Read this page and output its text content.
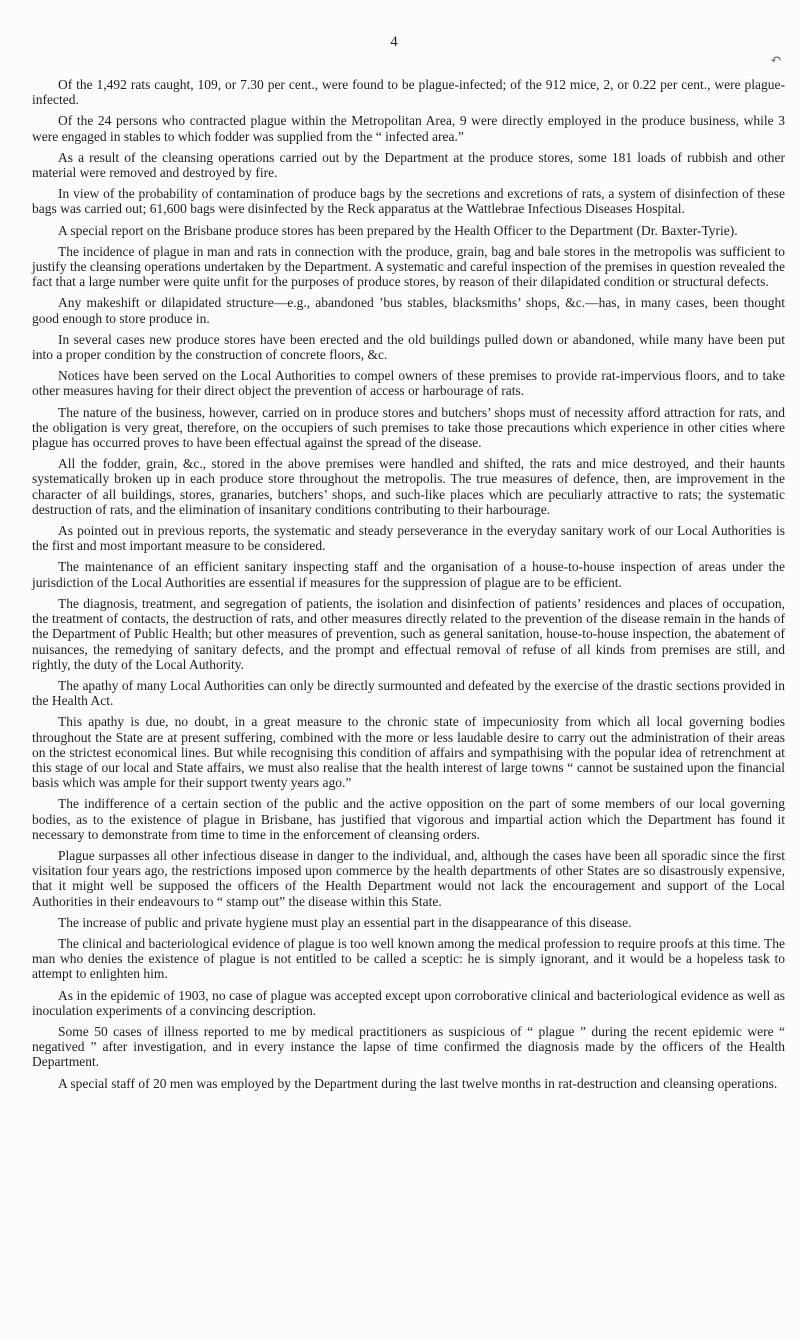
4
↶

Of the 1,492 rats caught, 109, or 7.30 per cent., were found to be plague-infected; of the 912 mice, 2, or 0.22 per cent., were plague-infected.

Of the 24 persons who contracted plague within the Metropolitan Area, 9 were directly employed in the produce business, while 3 were engaged in stables to which fodder was supplied from the “ infected area.”

As a result of the cleansing operations carried out by the Department at the produce stores, some 181 loads of rubbish and other material were removed and destroyed by fire.

In view of the probability of contamination of produce bags by the secretions and excretions of rats, a system of disinfection of these bags was carried out; 61,600 bags were disinfected by the Reck apparatus at the Wattlebrae Infectious Diseases Hospital.

A special report on the Brisbane produce stores has been prepared by the Health Officer to the Department (Dr. Baxter-Tyrie).

The incidence of plague in man and rats in connection with the produce, grain, bag and bale stores in the metropolis was sufficient to justify the cleansing operations undertaken by the Department. A systematic and careful inspection of the premises in question revealed the fact that a large number were quite unfit for the purposes of produce stores, by reason of their dilapidated condition or structural defects.

Any makeshift or dilapidated structure—e.g., abandoned ’bus stables, blacksmiths’ shops, &c.—has, in many cases, been thought good enough to store produce in.

In several cases new produce stores have been erected and the old buildings pulled down or abandoned, while many have been put into a proper condition by the construction of concrete floors, &c.

Notices have been served on the Local Authorities to compel owners of these premises to provide rat-impervious floors, and to take other measures having for their direct object the prevention of access or harbourage of rats.

The nature of the business, however, carried on in produce stores and butchers’ shops must of necessity afford attraction for rats, and the obligation is very great, therefore, on the occupiers of such premises to take those precautions which experience in other cities where plague has occurred proves to have been effectual against the spread of the disease.

All the fodder, grain, &c., stored in the above premises were handled and shifted, the rats and mice destroyed, and their haunts systematically broken up in each produce store throughout the metropolis. The true measures of defence, then, are improvement in the character of all buildings, stores, granaries, butchers’ shops, and such-like places which are peculiarly attractive to rats; the systematic destruction of rats, and the elimination of insanitary conditions contributing to their harbourage.

As pointed out in previous reports, the systematic and steady perseverance in the everyday sanitary work of our Local Authorities is the first and most important measure to be considered.

The maintenance of an efficient sanitary inspecting staff and the organisation of a house-to-house inspection of areas under the jurisdiction of the Local Authorities are essential if measures for the suppression of plague are to be efficient.

The diagnosis, treatment, and segregation of patients, the isolation and disinfection of patients’ residences and places of occupation, the treatment of contacts, the destruction of rats, and other measures directly related to the prevention of the disease remain in the hands of the Department of Public Health; but other measures of prevention, such as general sanitation, house-to-house inspection, the abatement of nuisances, the remedying of sanitary defects, and the prompt and effectual removal of refuse of all kinds from premises are still, and rightly, the duty of the Local Authority.

The apathy of many Local Authorities can only be directly surmounted and defeated by the exercise of the drastic sections provided in the Health Act.

This apathy is due, no doubt, in a great measure to the chronic state of impecuniosity from which all local governing bodies throughout the State are at present suffering, combined with the more or less laudable desire to carry out the administration of their areas on the strictest economical lines. But while recognising this condition of affairs and sympathising with the popular idea of retrenchment at this stage of our local and State affairs, we must also realise that the health interest of large towns “ cannot be sustained upon the financial basis which was ample for their support twenty years ago.”

The indifference of a certain section of the public and the active opposition on the part of some members of our local governing bodies, as to the existence of plague in Brisbane, has justified that vigorous and impartial action which the Department has found it necessary to demonstrate from time to time in the enforcement of cleansing orders.

Plague surpasses all other infectious disease in danger to the individual, and, although the cases have been all sporadic since the first visitation four years ago, the restrictions imposed upon commerce by the health departments of other States are so disastrously expensive, that it might well be supposed the officers of the Health Department would not lack the encouragement and support of the Local Authorities in their endeavours to “ stamp out” the disease within this State.

The increase of public and private hygiene must play an essential part in the disappearance of this disease.

The clinical and bacteriological evidence of plague is too well known among the medical profession to require proofs at this time. The man who denies the existence of plague is not entitled to be called a sceptic: he is simply ignorant, and it would be a hopeless task to attempt to enlighten him.

As in the epidemic of 1903, no case of plague was accepted except upon corroborative clinical and bacteriological evidence as well as inoculation experiments of a convincing description.

Some 50 cases of illness reported to me by medical practitioners as suspicious of “ plague ” during the recent epidemic were “ negatived ” after investigation, and in every instance the lapse of time confirmed the diagnosis made by the officers of the Health Department.

A special staff of 20 men was employed by the Department during the last twelve months in rat-destruction and cleansing operations.
